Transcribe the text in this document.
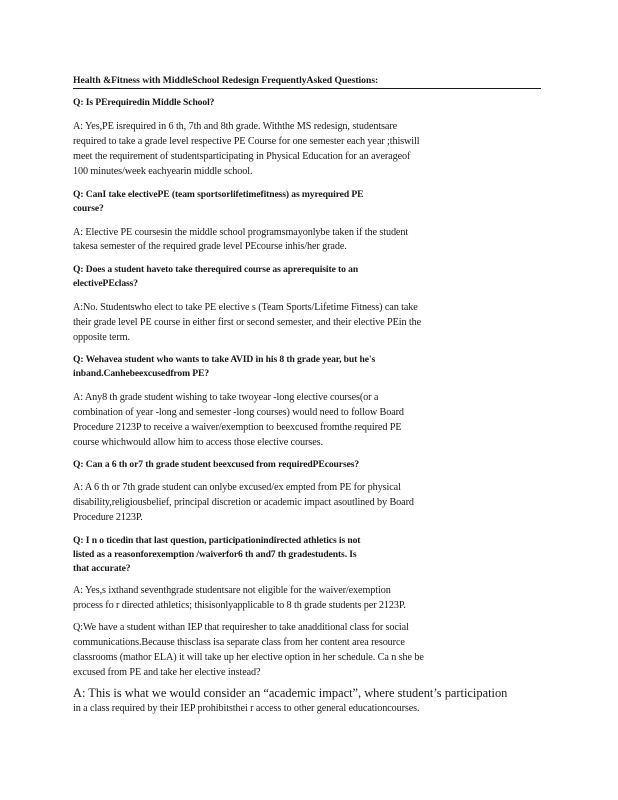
Health &Fitness with MiddleSchool Redesign FrequentlyAsked Questions:
Q: Is PErequiredin Middle School?
A: Yes,PE isrequired in 6 th, 7th and 8th grade. Withthe MS redesign, studentsare
required to take a grade level respective PE Course for one semester each year ;thiswill
meet the requirement of studentsparticipating in Physical Education for an averageof
100 minutes/week eachyearin middle school.
Q: CanI take electivePE (team sportsorlifetimefitness) as myrequired PE
course?
A: Elective PE coursesin the middle school programsmayonlybe taken if the student
takesa semester of the required grade level PEcourse inhis/her grade.
Q: Does a student haveto take therequired course as aprerequisite to an
electivePEclass?
A:No. Studentswho elect to take PE elective s (Team Sports/Lifetime Fitness) can take
their grade level PE course in either first or second semester, and their elective PEin the
opposite term.
Q: Wehavea student who wants to take AVID in his 8 th grade year, but he's
inband.Canhebeexcusedfrom PE?
A: Any8 th grade student wishing to take twoyear -long elective courses(or a
combination of year -long and semester -long courses) would need to follow Board
Procedure 2123P to receive a waiver/exemption to beexcused fromthe required PE
course whichwould allow him to access those elective courses.
Q: Can a 6 th or7 th grade student beexcused from requiredPEcourses?
A: A 6 th or 7th grade student can onlybe excused/ex empted from PE for physical
disability,religiousbelief, principal discretion or academic impact asoutlined by Board
Procedure 2123P.
Q: I n o ticedin that last question, participationindirected athletics is not
listed as a reasonforexemption /waiverfor6 th and7 th gradestudents. Is
that accurate?
A: Yes,s ixthand seventhgrade studentsare not eligible for the waiver/exemption
process fo r directed athletics; thisisonlyapplicable to 8 th grade students per 2123P.
Q:We have a student withan IEP that requiresher to take anadditional class for social
communications.Because thisclass isa separate class from her content area resource
classrooms (mathor ELA) it will take up her elective option in her schedule. Ca n she be
excused from PE and take her elective instead?
A: This is what we would consider an “academic impact”, where student’s participation
in a class required by their IEP prohibitsthei r access to other general educationcourses.
